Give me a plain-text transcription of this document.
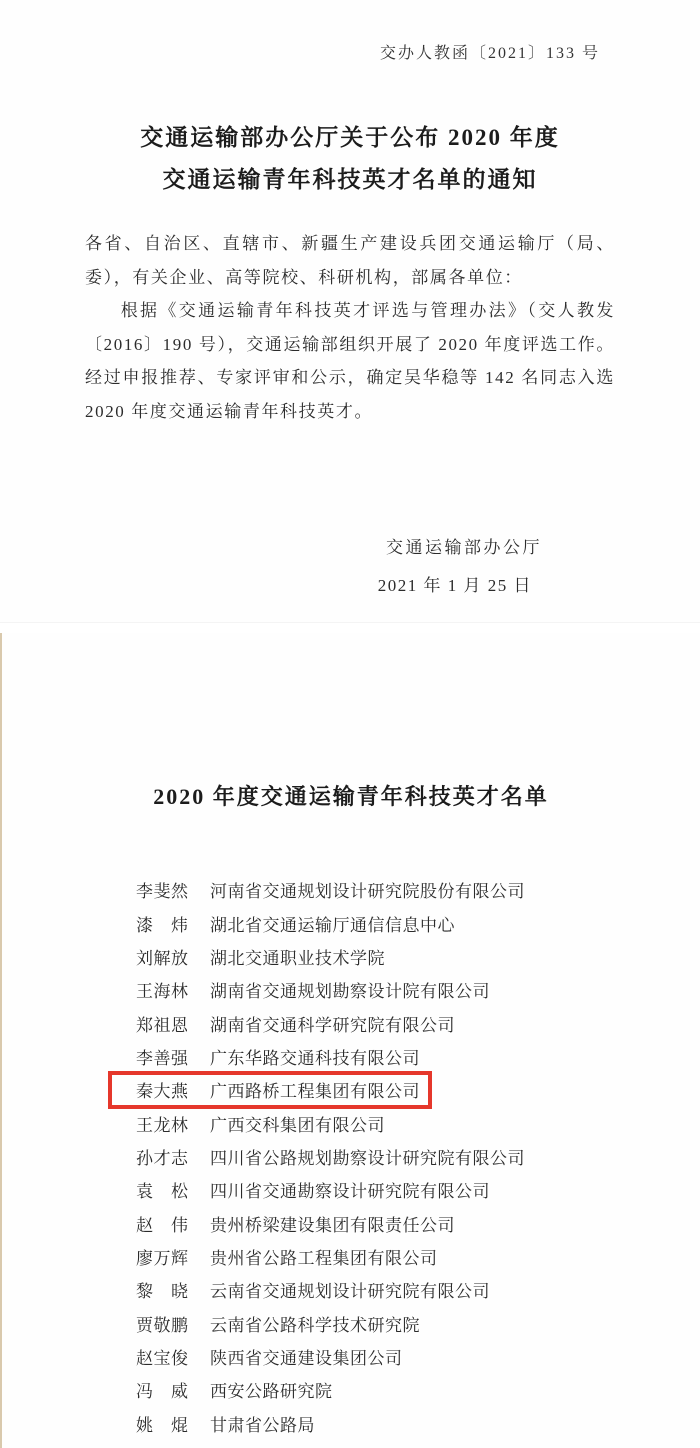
交办人教函〔2021〕133 号
交通运输部办公厅关于公布 2020 年度
交通运输青年科技英才名单的通知

各省、自治区、直辖市、新疆生产建设兵团交通运输厅（局、委），有关企业、高等院校、科研机构，部属各单位：

根据《交通运输青年科技英才评选与管理办法》（交人教发〔2016〕190 号），交通运输部组织开展了 2020 年度评选工作。经过申报推荐、专家评审和公示，确定吴华稳等 142 名同志入选 2020 年度交通运输青年科技英才。

交通运输部办公厅
2021 年 1 月 25 日
2020 年度交通运输青年科技英才名单
李斐然 河南省交通规划设计研究院股份有限公司
漆　炜 湖北省交通运输厅通信信息中心
刘解放 湖北交通职业技术学院
王海林 湖南省交通规划勘察设计院有限公司
郑祖恩 湖南省交通科学研究院有限公司
李善强 广东华路交通科技有限公司
秦大燕 广西路桥工程集团有限公司
王龙林 广西交科集团有限公司
孙才志 四川省公路规划勘察设计研究院有限公司
袁　松 四川省交通勘察设计研究院有限公司
赵　伟 贵州桥梁建设集团有限责任公司
廖万辉 贵州省公路工程集团有限公司
黎　晓 云南省交通规划设计研究院有限公司
贾敬鹏 云南省公路科学技术研究院
赵宝俊 陕西省交通建设集团公司
冯　威 西安公路研究院
姚　焜 甘肃省公路局
